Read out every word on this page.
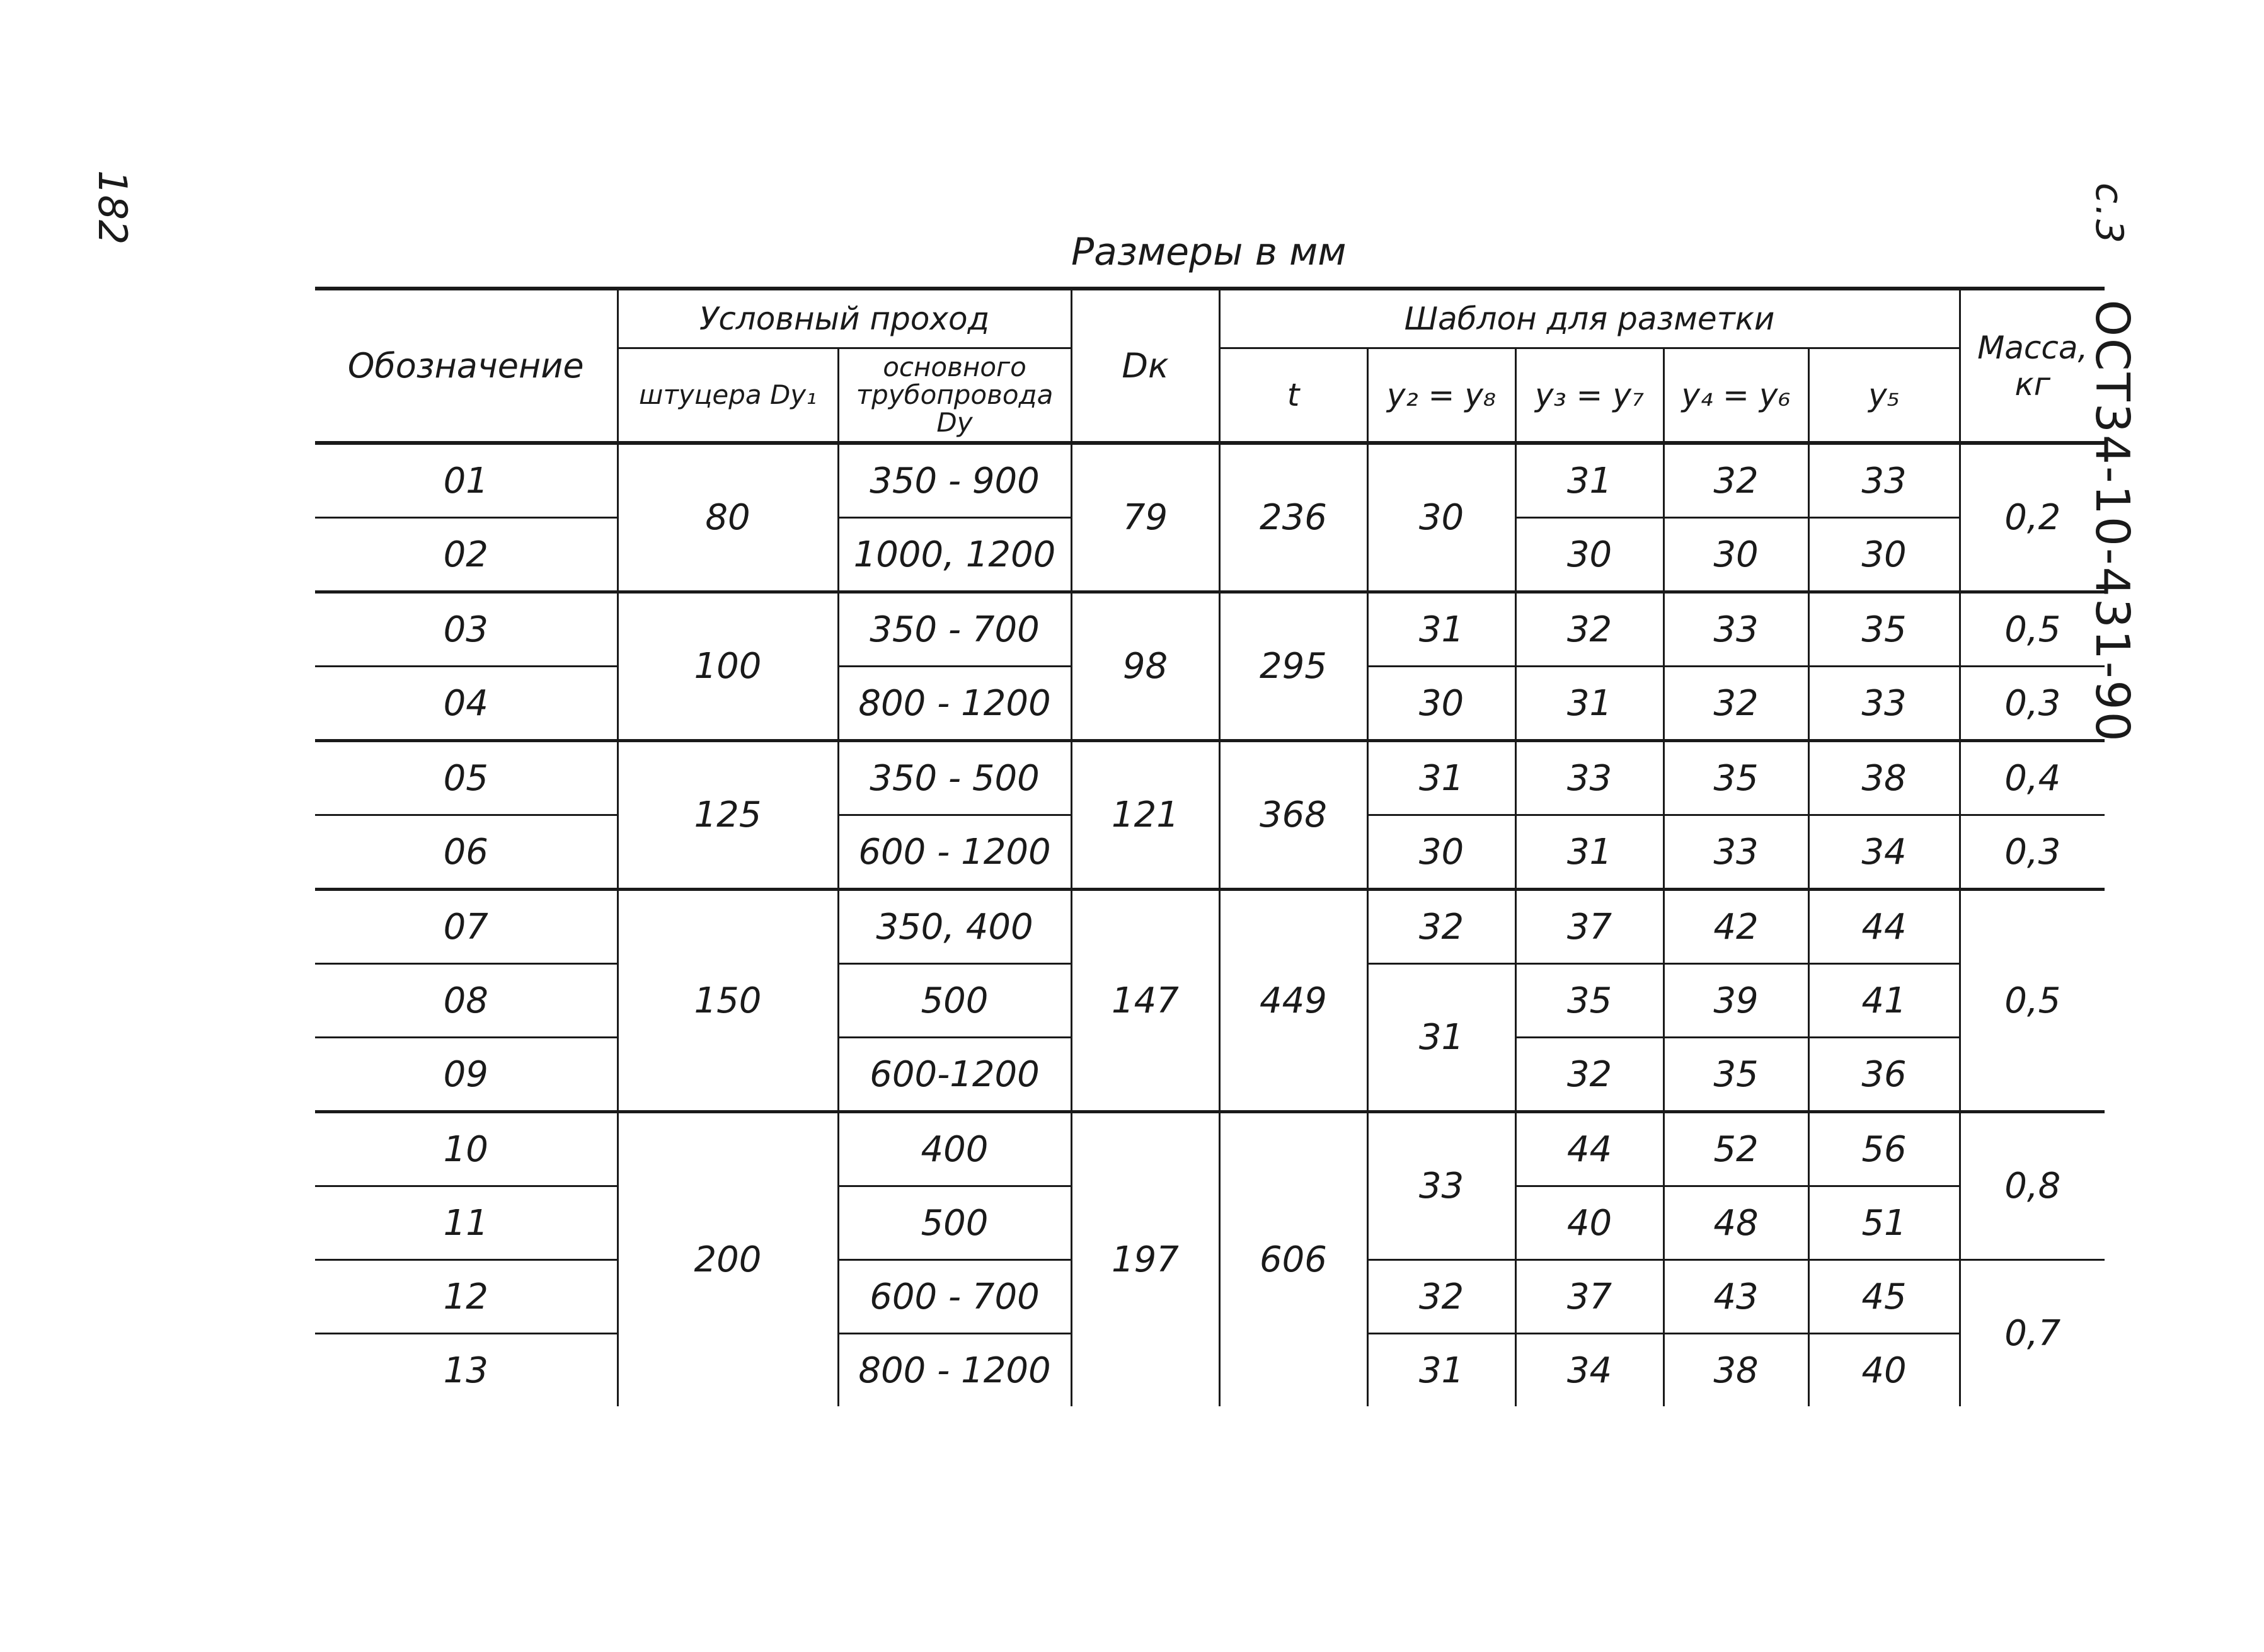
182	с.3 ОСТ34-10-431-90
Размеры в мм
Обозначение	Условный проход		Dк	Шаблон для разметки					Масса,
кг

	штуцера Dy₁	основного трубопровода Dy		t	y₂ = y₈	y₃ = y₇	y₄ = y₆	y₅	
01	80	350 - 900	79	236	30	31	32	33	0,2
02		1000, 1200				30	30	30	
03	100	350 - 700	98	295	31	32	33	35	0,5
04		800 - 1200			30	31	32	33	0,3
05	125	350 - 500	121	368	31	33	35	38	0,4
06		600 - 1200			30	31	33	34	0,3
07	150	350, 400	147	449	32	37	42	44	0,5
08		500			31	35	39	41	
09		600-1200				32	35	36	
10	200	400	197	606	33	44	52	56	0,8
11		500				40	48	51	
12		600 - 700			32	37	43	45	0,7
13		800 - 1200			31	34	38	40	
